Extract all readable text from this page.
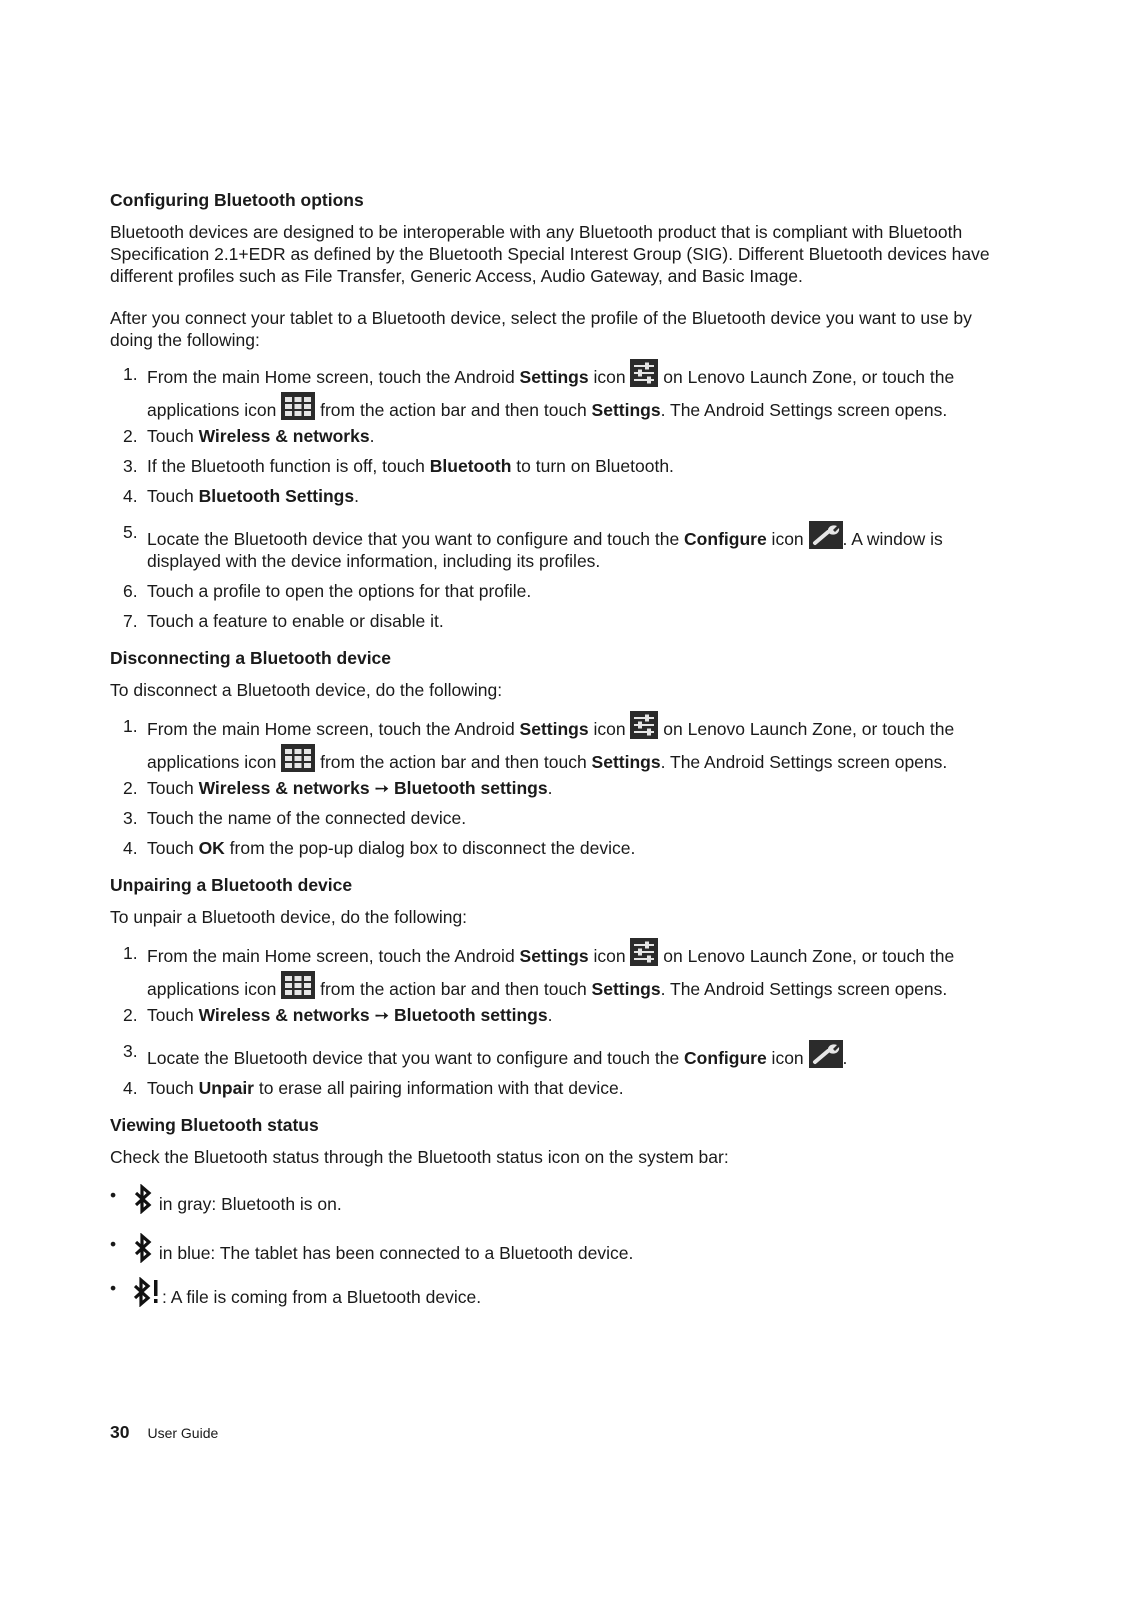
Configuring Bluetooth options

Bluetooth devices are designed to be interoperable with any Bluetooth product that is compliant with Bluetooth Specification 2.1+EDR as defined by the Bluetooth Special Interest Group (SIG). Different Bluetooth devices have different profiles such as File Transfer, Generic Access, Audio Gateway, and Basic Image.

After you connect your tablet to a Bluetooth device, select the profile of the Bluetooth device you want to use by doing the following:

1. From the main Home screen, touch the Android Settings icon
on Lenovo Launch Zone, or touch the applications icon
from the action bar and then touch Settings. The Android Settings screen opens.
2. Touch Wireless & networks.
3. If the Bluetooth function is off, touch Bluetooth to turn on Bluetooth.
4. Touch Bluetooth Settings.
5. Locate the Bluetooth device that you want to configure and touch the Configure icon
. A window is displayed with the device information, including its profiles.
6. Touch a profile to open the options for that profile.
7. Touch a feature to enable or disable it.
Disconnecting a Bluetooth device

To disconnect a Bluetooth device, do the following:

1. From the main Home screen, touch the Android Settings icon
on Lenovo Launch Zone, or touch the applications icon
from the action bar and then touch Settings. The Android Settings screen opens.
2. Touch Wireless & networks ➙ Bluetooth settings.
3. Touch the name of the connected device.
4. Touch OK from the pop-up dialog box to disconnect the device.
Unpairing a Bluetooth device

To unpair a Bluetooth device, do the following:

1. From the main Home screen, touch the Android Settings icon
on Lenovo Launch Zone, or touch the applications icon
from the action bar and then touch Settings. The Android Settings screen opens.
2. Touch Wireless & networks ➙ Bluetooth settings.
3. Locate the Bluetooth device that you want to configure and touch the Configure icon
.
4. Touch Unpair to erase all pairing information with that device.
Viewing Bluetooth status

Check the Bluetooth status through the Bluetooth status icon on the system bar:

• in gray: Bluetooth is on.
• in blue: The tablet has been connected to a Bluetooth device.
•	: A file is coming from a Bluetooth device.
30 User Guide
